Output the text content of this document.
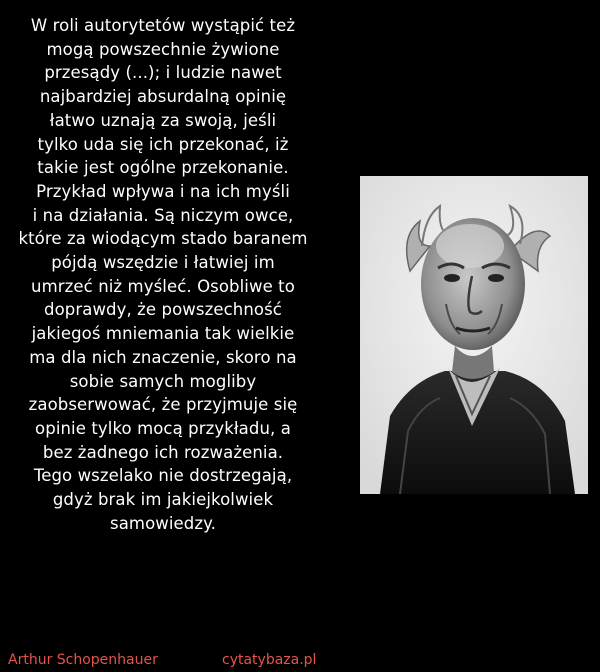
W roli autorytetów wystąpić też
mogą powszechnie żywione
przesądy (...); i ludzie nawet
najbardziej absurdalną opinię
łatwo uznają za swoją, jeśli
tylko uda się ich przekonać, iż
takie jest ogólne przekonanie.
Przykład wpływa i na ich myśli
i na działania. Są niczym owce,
które za wiodącym stado baranem
pójdą wszędzie i łatwiej im
umrzeć niż myśleć. Osobliwe to
doprawdy, że powszechność
jakiegoś mniemania tak wielkie
ma dla nich znaczenie, skoro na
sobie samych mogliby
zaobserwować, że przyjmuje się
opinie tylko mocą przykładu, a
bez żadnego ich rozważenia.
Tego wszelako nie dostrzegają,
gdyż brak im jakiejkolwiek
samowiedzy.
Arthur Schopenhauer	cytatybaza.pl
